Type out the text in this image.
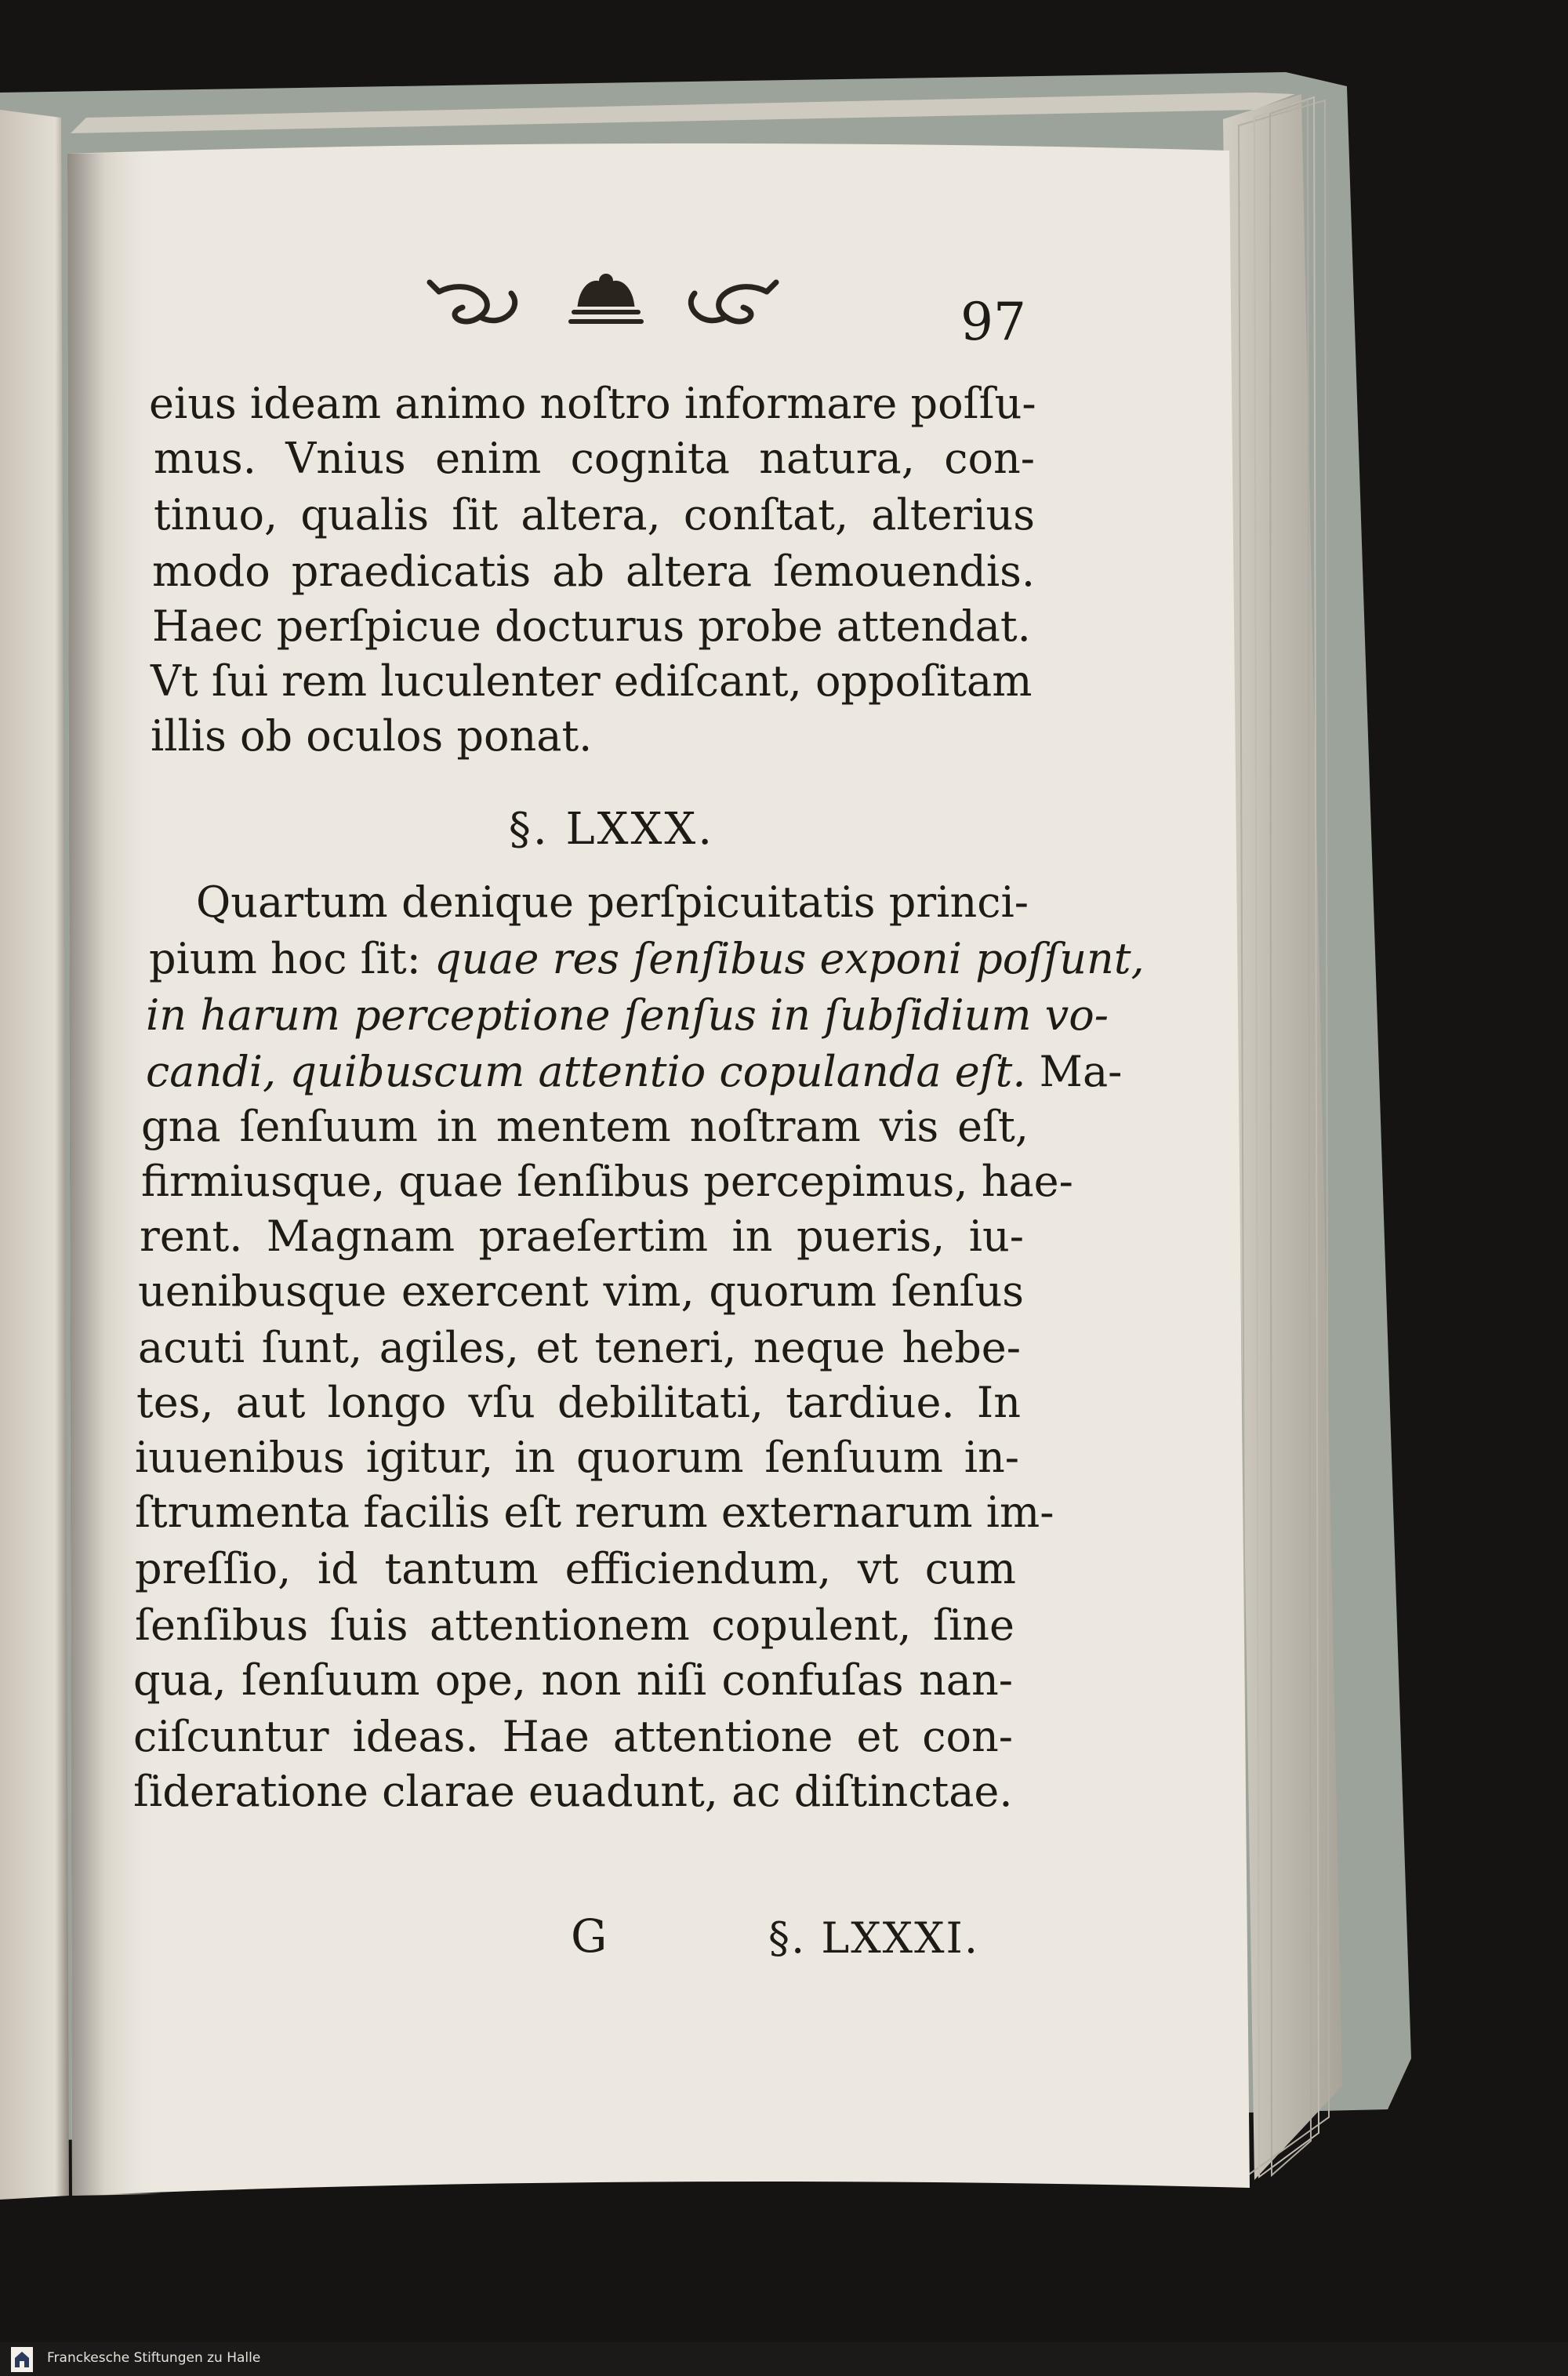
97

eius ideam animo noſtro informare poſſu-

mus. Vnius enim cognita natura, con-

tinuo, qualis ſit altera, conſtat, alterius

modo praedicatis ab altera ſemouendis.

Haec perſpicue docturus probe attendat.

Vt ſui rem luculenter ediſcant, oppoſitam

illis ob oculos ponat.

§. LXXX.

Quartum denique perſpicuitatis princi-

pium hoc ſit: quae res ſenſibus exponi poſſunt,

in harum perceptione ſenſus in ſubſidium vo-

candi, quibuscum attentio copulanda eſt. Ma-

gna ſenſuum in mentem noſtram vis eſt,

firmiusque, quae ſenſibus percepimus, hae-

rent. Magnam praeſertim in pueris, iu-

uenibusque exercent vim, quorum ſenſus

acuti ſunt, agiles, et teneri, neque hebe-

tes, aut longo vſu debilitati, tardiue. In

iuuenibus igitur, in quorum ſenſuum in-

ſtrumenta facilis eſt rerum externarum im-

preſſio, id tantum efficiendum, vt cum

ſenſibus ſuis attentionem copulent, ſine

qua, ſenſuum ope, non niſi confuſas nan-

ciſcuntur ideas. Hae attentione et con-

ſideratione clarae euadunt, ac diſtinctae.

G	§. LXXXI.
Franckesche Stiftungen zu Halle
